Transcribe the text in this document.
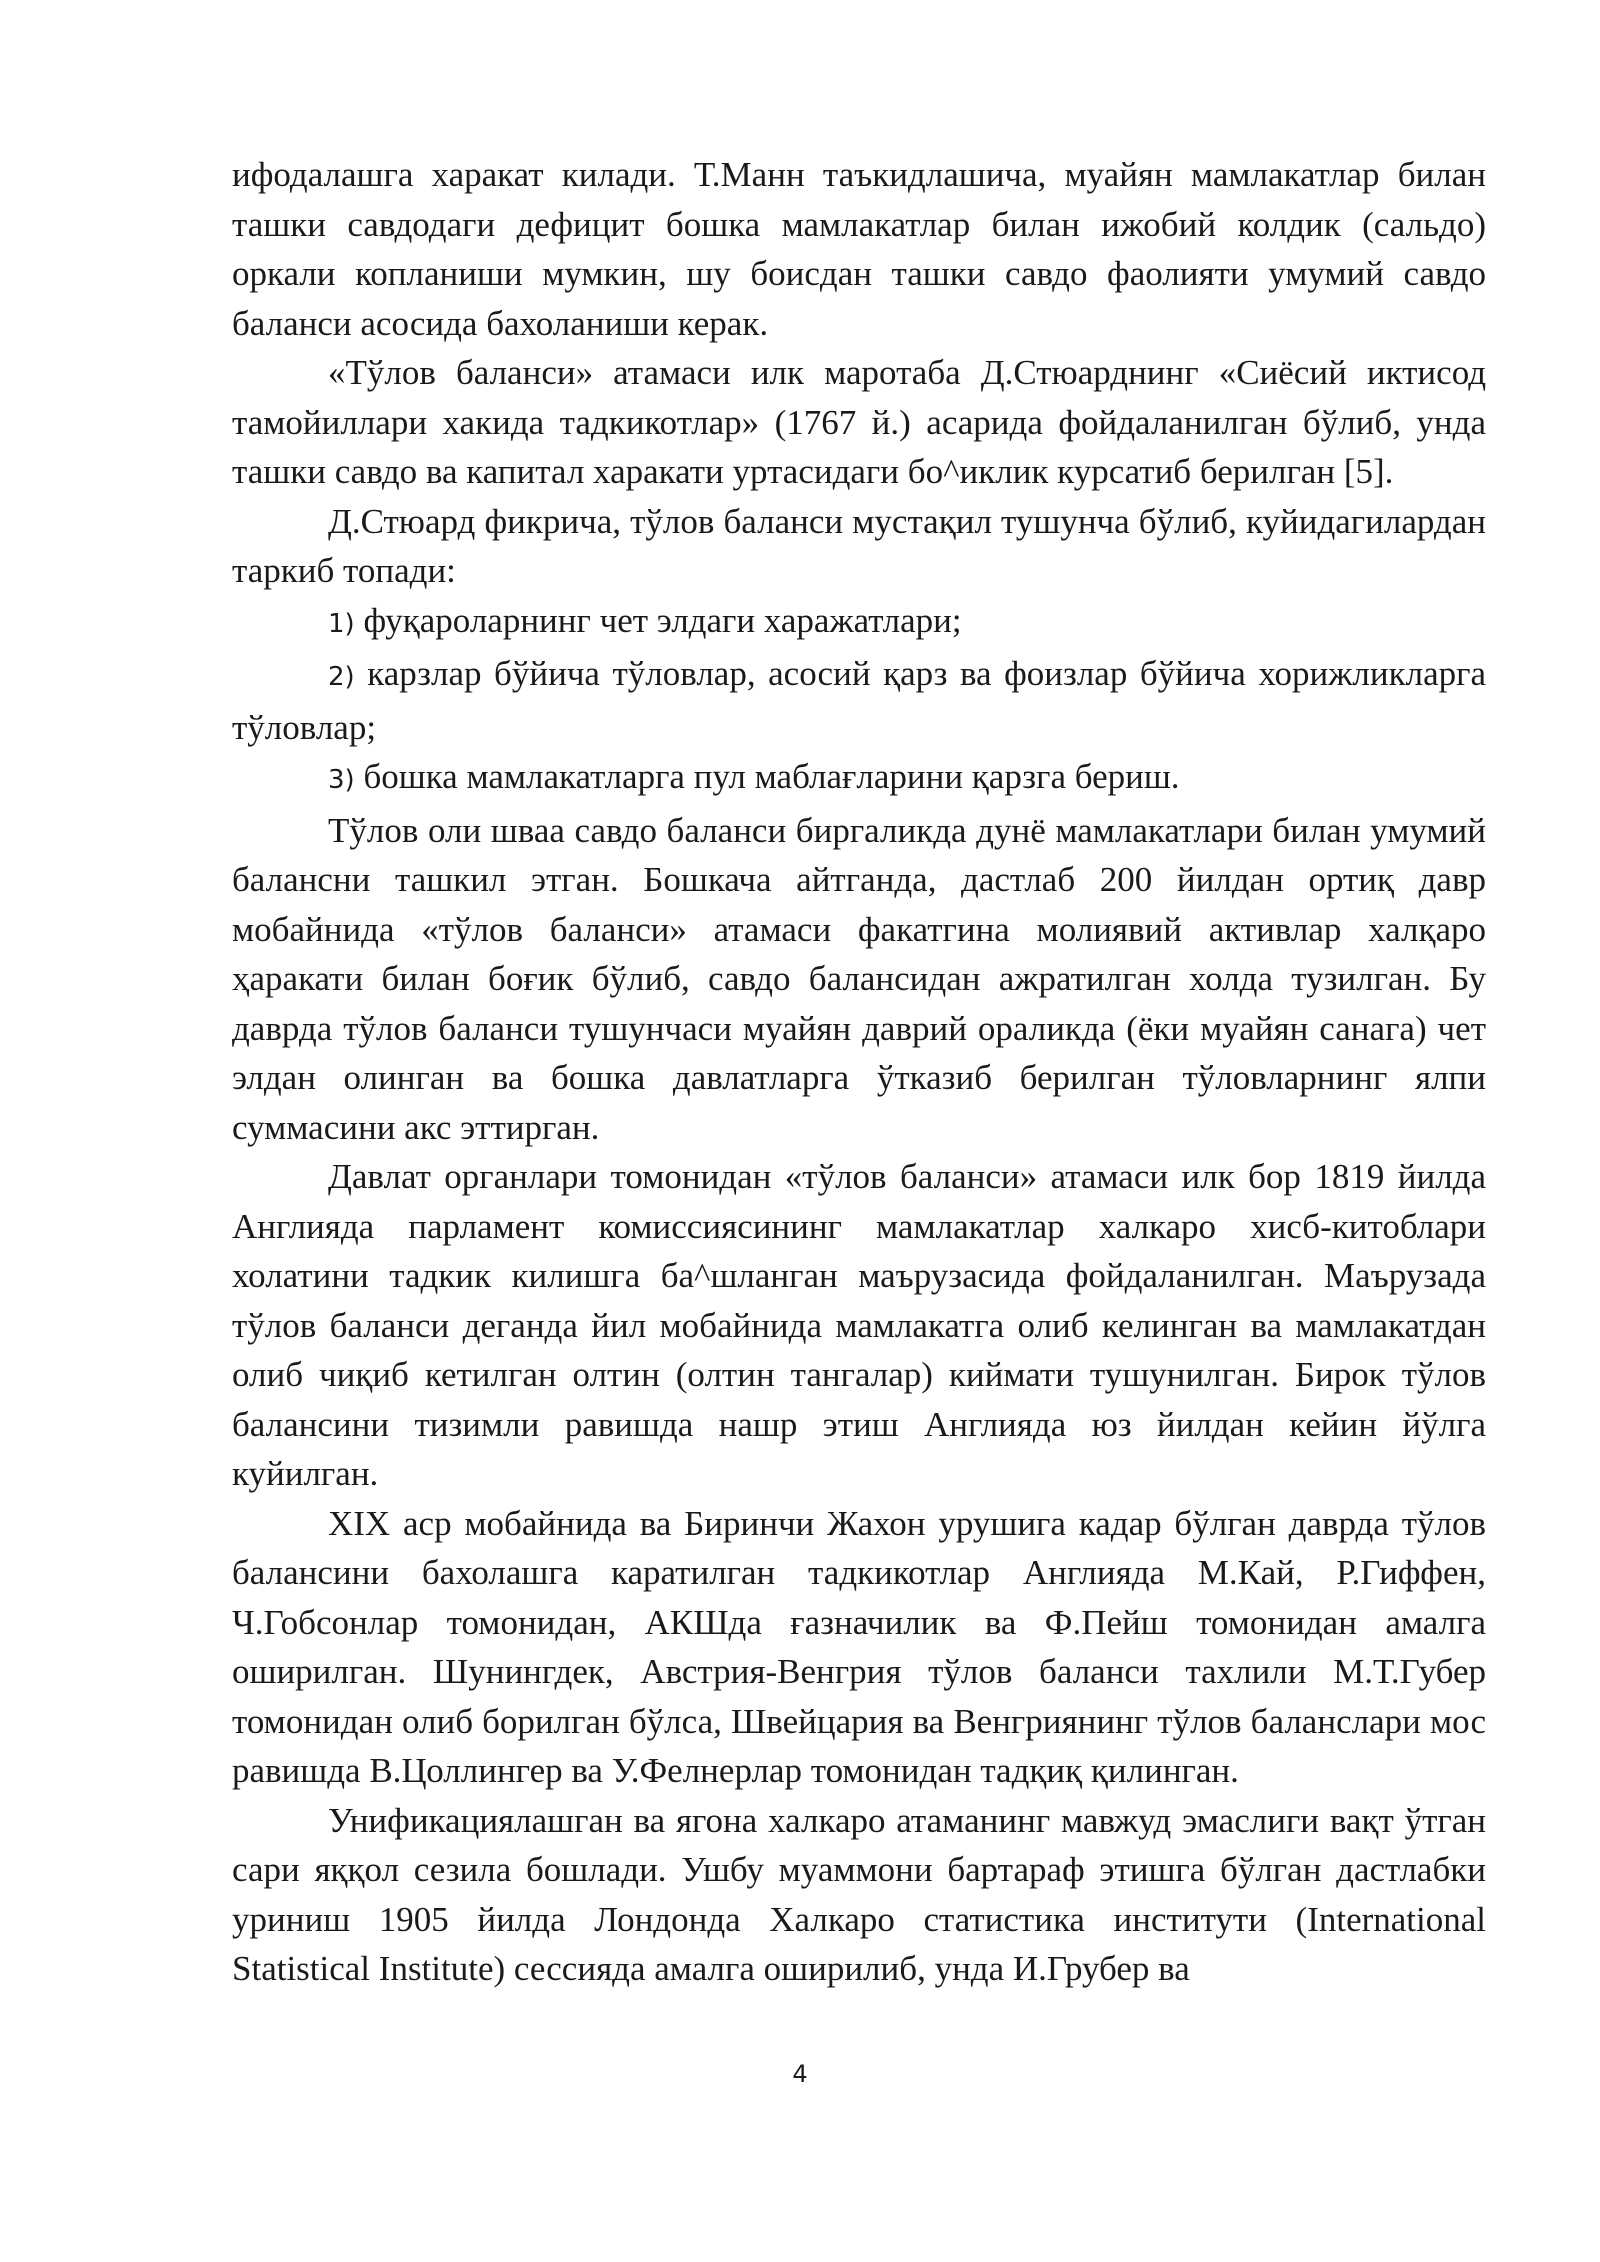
ифодалашга харакат килади. Т.Манн таъкидлашича, муайян мамлакатлар билан ташки савдодаги дефицит бошка мамлакатлар билан ижобий колдик (сальдо) оркали копланиши мумкин, шу боисдан ташки савдо фаолияти умумий савдо баланси асосида бахоланиши керак.

«Тўлов баланси» атамаси илк маротаба Д.Стюарднинг «Сиёсий иктисод тамойиллари хакида тадкикотлар» (1767 й.) асарида фойдаланилган бўлиб, унда ташки савдо ва капитал харакати уртасидаги бо^иклик курсатиб берилган [5].

Д.Стюард фикрича, тўлов баланси мустақил тушунча бўлиб, куйидагилардан таркиб топади:

1) фуқароларнинг чет элдаги харажатлари;

2) карзлар бўйича тўловлар, асосий қарз ва фоизлар бўйича хорижликларга тўловлар;

3) бошка мамлакатларга пул маблағларини қарзга бериш.

Тўлов оли шваа савдо баланси биргаликда дунё мамлакатлари билан умумий балансни ташкил этган. Бошкача айтганда, дастлаб 200 йилдан ортиқ давр мобайнида «тўлов баланси» атамаси факатгина молиявий активлар халқаро ҳаракати билан боғик бўлиб, савдо балансидан ажратилган холда тузилган. Бу даврда тўлов баланси тушунчаси муайян даврий ораликда (ёки муайян санага) чет элдан олинган ва бошка давлатларга ўтказиб берилган тўловларнинг ялпи суммасини акс эттирган.

Давлат органлари томонидан «тўлов баланси» атамаси илк бор 1819 йилда Англияда парламент комиссиясининг мамлакатлар халкаро хисб-китоблари холатини тадкик килишга ба^шланган маърузасида фойдаланилган. Маърузада тўлов баланси деганда йил мобайнида мамлакатга олиб келинган ва мамлакатдан олиб чиқиб кетилган олтин (олтин тангалар) киймати тушунилган. Бирок тўлов балансини тизимли равишда нашр этиш Англияда юз йилдан кейин йўлга куйилган.

XIX аср мобайнида ва Биринчи Жахон урушига кадар бўлган даврда тўлов балансини бахолашга каратилган тадкикотлар Англияда М.Кай, Р.Гиффен, Ч.Гобсонлар томонидан, АКШда ғазначилик ва Ф.Пейш томонидан амалга оширилган. Шунингдек, Австрия-Венгрия тўлов баланси тахлили М.Т.Губер томонидан олиб борилган бўлса, Швейцария ва Венгриянинг тўлов баланслари мос равишда В.Цоллингер ва У.Фелнерлар томонидан тадқиқ қилинган.

Унификациялашган ва ягона халкаро атаманинг мавжуд эмаслиги вақт ўтган сари яққол сезила бошлади. Ушбу муаммони бартараф этишга бўлган дастлабки уриниш 1905 йилда Лондонда Халкаро статистика институти (International Statistical Institute) сессияда амалга оширилиб, унда И.Грубер ва

4
